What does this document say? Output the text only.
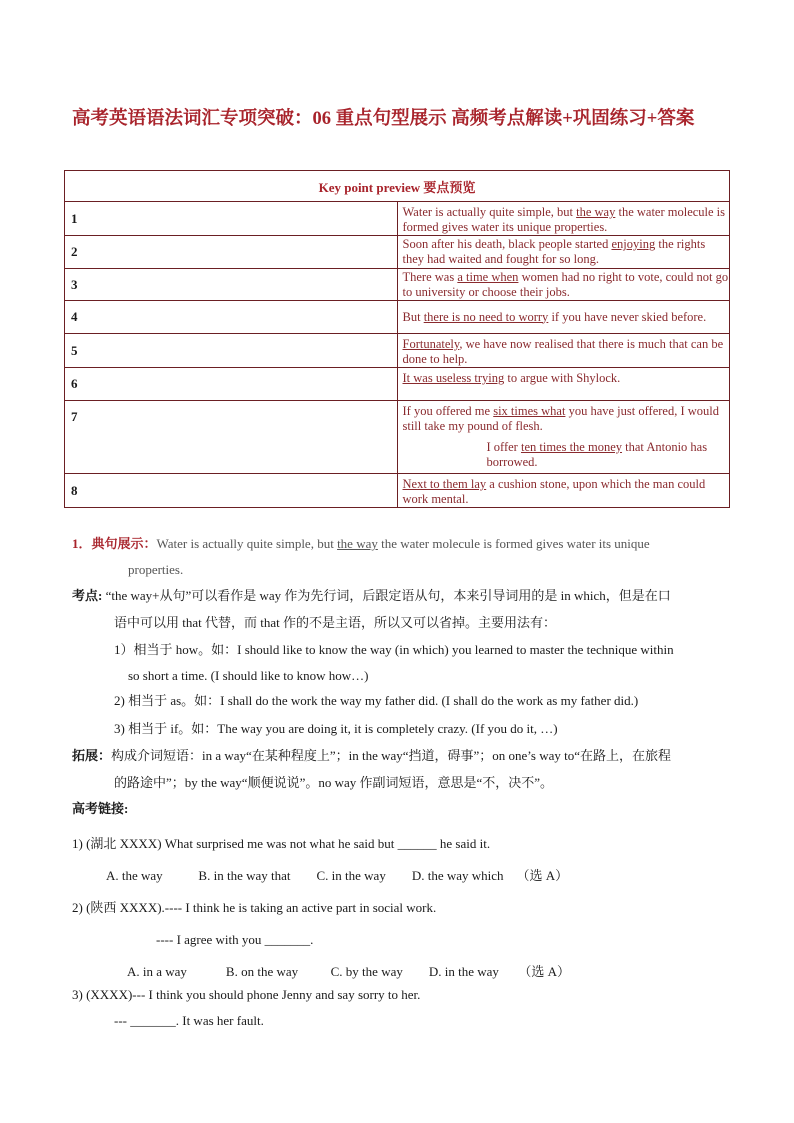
高考英语语法词汇专项突破：06 重点句型展示 高频考点解读+巩固练习+答案
Key point preview 要点预览	
1	Water is actually quite simple, but the way the water molecule is formed gives water its unique properties.
2	Soon after his death, black people started enjoying the rights they had waited and fought for so long.
3	There was a time when women had no right to vote, could not go to university or choose their jobs.
4	But there is no need to worry if you have never skied before.
5	Fortunately, we have now realised that there is much that can be done to help.
6	It was useless trying to argue with Shylock.
7	If you offered me six times what you have just offered, I would still take my pound of flesh.
I offer ten times the money that Antonio has borrowed.

8	Next to them lay a cushion stone, upon which the man could work mental.
1．典句展示：Water is actually quite simple, but the way the water molecule is formed gives water its unique
properties.
考点: “the way+从句”可以看作是 way 作为先行词，后跟定语从句，本来引导词用的是 in which，但是在口
语中可以用 that 代替，而 that 作的不是主语，所以又可以省掉。主要用法有：
1）相当于 how。如：I should like to know the way (in which) you learned to master the technique within
so short a time. (I should like to know how…)
2) 相当于 as。如：I shall do the work the way my father did. (I shall do the work as my father did.)
3) 相当于 if。如：The way you are doing it, it is completely crazy. (If you do it, …)
拓展：构成介词短语：in a way“在某种程度上”；in the way“挡道，碍事”；on one’s way to“在路上，在旅程
的路途中”；by the way“顺便说说”。no way 作副词短语，意思是“不，决不”。
高考链接:
1) (湖北 XXXX) What surprised me was not what he said but ______ he said it.
A. the way           B. in the way that        C. in the way        D. the way which    （选 A）
2) (陕西 XXXX).---- I think he is taking an active part in social work.
---- I agree with you _______.
A. in a way            B. on the way          C. by the way        D. in the way      （选 A）
3) (XXXX)--- I think you should phone Jenny and say sorry to her.
--- _______. It was her fault.
